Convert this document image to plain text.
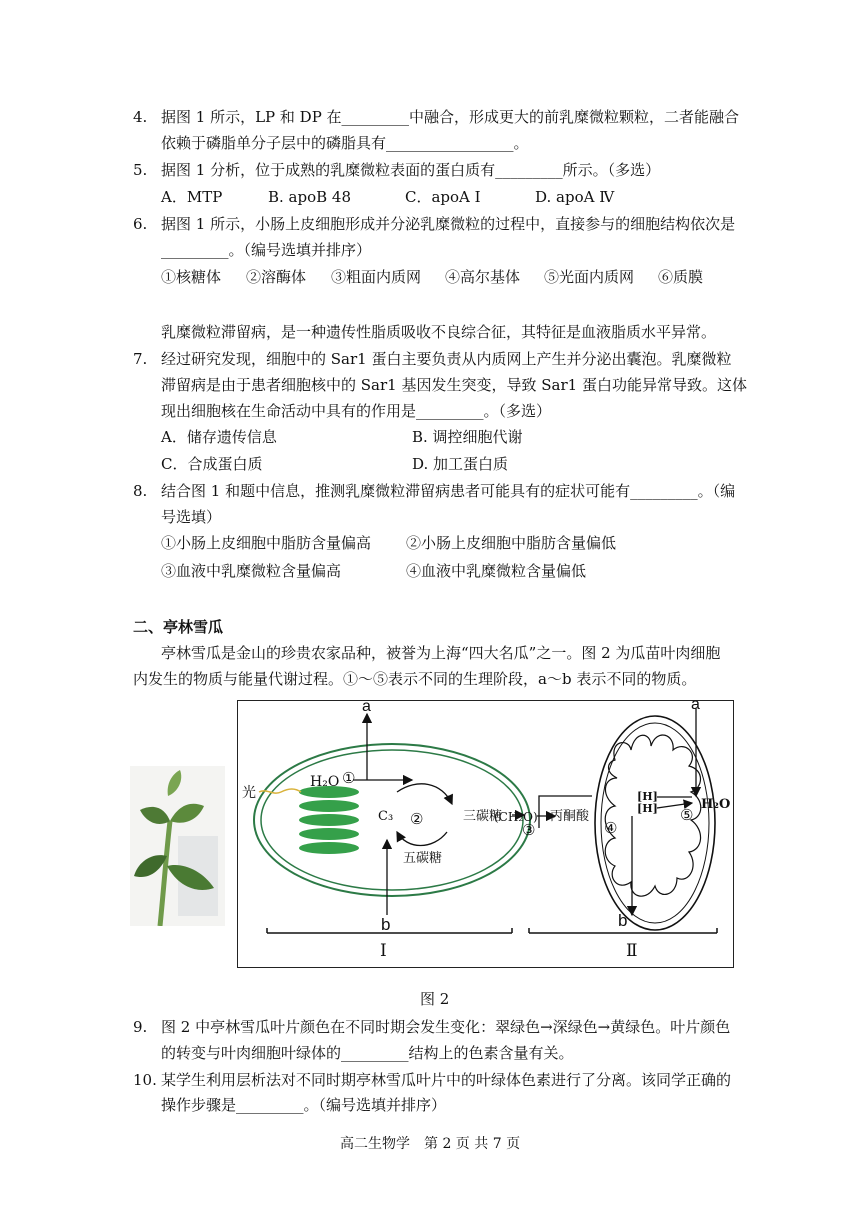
4. 据图 1 所示，LP 和 DP 在_________中融合，形成更大的前乳糜微粒颗粒，二者能融合
依赖于磷脂单分子层中的磷脂具有_________________。
5. 据图 1 分析，位于成熟的乳糜微粒表面的蛋白质有_________所示。（多选）
A．MTP	B. apoB 48	C．apoA Ⅰ	D. apoA Ⅳ
6. 据图 1 所示，小肠上皮细胞形成并分泌乳糜微粒的过程中，直接参与的细胞结构依次是
_________。（编号选填并排序）
①核糖体 ②溶酶体 ③粗面内质网 ④高尔基体 ⑤光面内质网 ⑥质膜
乳糜微粒滞留病，是一种遗传性脂质吸收不良综合征，其特征是血液脂质水平异常。
7. 经过研究发现，细胞中的 Sar1 蛋白主要负责从内质网上产生并分泌出囊泡。乳糜微粒
滞留病是由于患者细胞核中的 Sar1 基因发生突变，导致 Sar1 蛋白功能异常导致。这体
现出细胞核在生命活动中具有的作用是_________。（多选）
A．储存遗传信息	B. 调控细胞代谢
C．合成蛋白质	D. 加工蛋白质
8. 结合图 1 和题中信息，推测乳糜微粒滞留病患者可能具有的症状可能有_________。（编
号选填）
①小肠上皮细胞中脂肪含量偏高 ②小肠上皮细胞中脂肪含量偏低
③血液中乳糜微粒含量偏高	④血液中乳糜微粒含量偏低
二、亭林雪瓜
亭林雪瓜是金山的珍贵农家品种，被誉为上海“四大名瓜”之一。图 2 为瓜苗叶肉细胞
内发生的物质与能量代谢过程。①～⑤表示不同的生理阶段，a～b 表示不同的物质。
光
H₂O ①
a
C₃ ②	三碳糖
(CH₂O)
五碳糖
b
③
丙酮酸
④
[H]
[H]	H₂O
⑤
a
b
Ⅰ	Ⅱ
图 2
9. 图 2 中亭林雪瓜叶片颜色在不同时期会发生变化：翠绿色→深绿色→黄绿色。叶片颜色
的转变与叶肉细胞叶绿体的_________结构上的色素含量有关。
10. 某学生利用层析法对不同时期亭林雪瓜叶片中的叶绿体色素进行了分离。该同学正确的
操作步骤是_________。（编号选填并排序）
高二生物学　第 2 页 共 7 页
